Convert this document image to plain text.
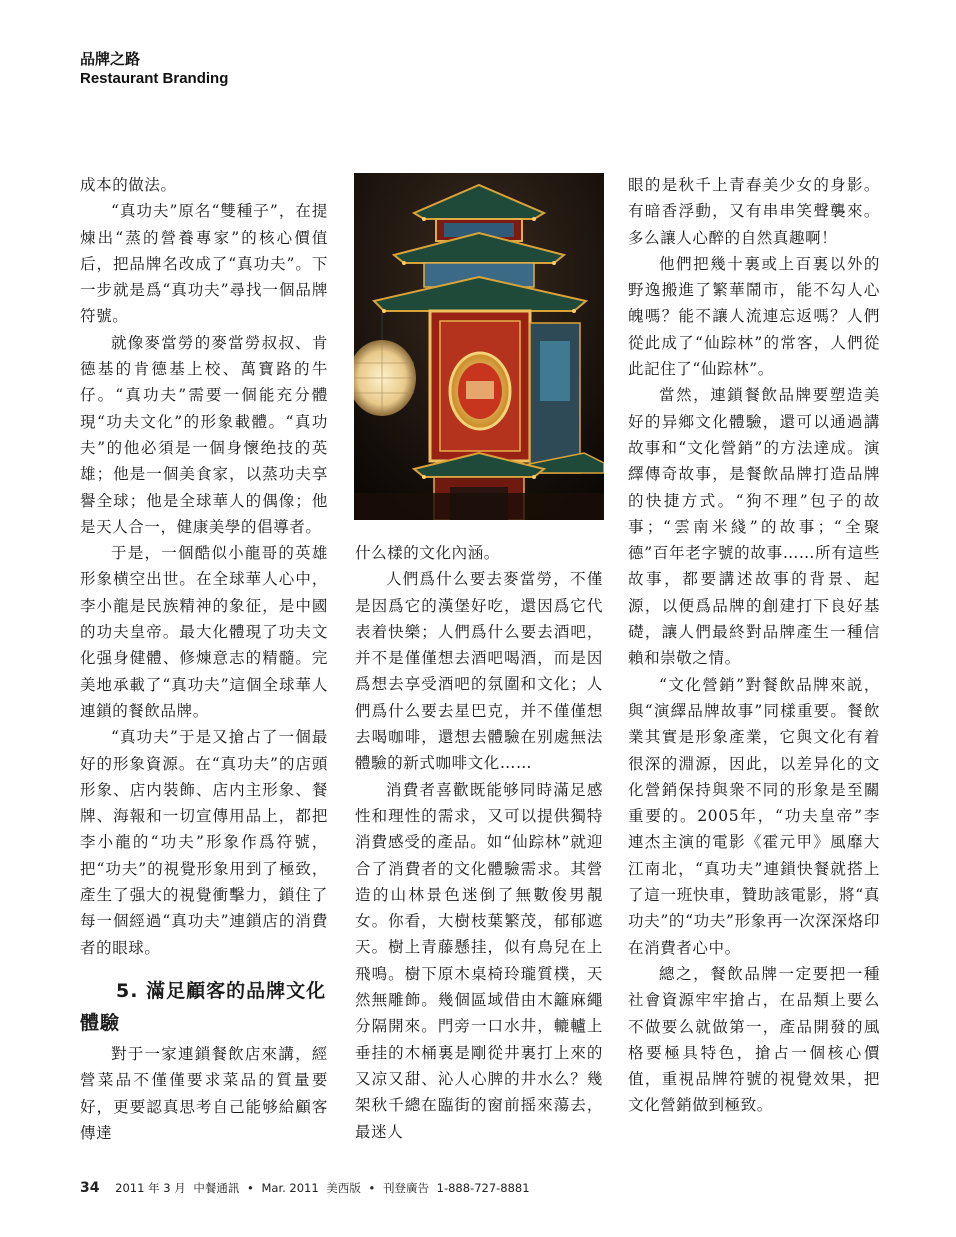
品牌之路
Restaurant Branding

成本的做法。

“真功夫”原名“雙種子”，在提煉出“蒸的營養專家”的核心價值后，把品牌名改成了“真功夫”。下一步就是爲“真功夫”尋找一個品牌符號。

就像麥當勞的麥當勞叔叔、肯德基的肯德基上校、萬寶路的牛仔。“真功夫”需要一個能充分體現“功夫文化”的形象載體。“真功夫”的他必須是一個身懷绝技的英雄；他是一個美食家，以蒸功夫享譽全球；他是全球華人的偶像；他是天人合一，健康美學的倡導者。

于是，一個酷似小龍哥的英雄形象横空出世。在全球華人心中，李小龍是民族精神的象征，是中國的功夫皇帝。最大化體現了功夫文化强身健體、修煉意志的精髓。完美地承載了“真功夫”這個全球華人連鎖的餐飲品牌。

“真功夫”于是又搶占了一個最好的形象資源。在“真功夫”的店頭形象、店内裝飾、店内主形象、餐牌、海報和一切宣傳用品上，都把李小龍的“功夫”形象作爲符號，把“功夫”的視覺形象用到了極致，產生了强大的視覺衝擊力，鎖住了每一個經過“真功夫”連鎖店的消費者的眼球。

5. 滿足顧客的品牌文化體驗

對于一家連鎖餐飲店來講，經營菜品不僅僅要求菜品的質量要好，更要認真思考自己能够給顧客傳達

什么樣的文化內涵。

人們爲什么要去麥當勞，不僅是因爲它的漢堡好吃，還因爲它代表着快樂；人們爲什么要去酒吧，并不是僅僅想去酒吧喝酒，而是因爲想去享受酒吧的氛圍和文化；人們爲什么要去星巴克，并不僅僅想去喝咖啡，還想去體驗在别處無法體驗的新式咖啡文化……

消費者喜歡既能够同時滿足感性和理性的需求，又可以提供獨特消費感受的產品。如“仙踪林”就迎合了消費者的文化體驗需求。其營造的山林景色迷倒了無數俊男靚女。你看，大樹枝葉繁茂，郁郁遮天。樹上青藤懸挂，似有鳥兒在上飛鳴。樹下原木桌椅玲瓏質樸，天然無雕飾。幾個區域借由木籬麻繩分隔開來。門旁一口水井，轆轤上垂挂的木桶裏是剛從井裏打上來的又凉又甜、沁人心脾的井水么？幾架秋千總在臨街的窗前摇來蕩去，最迷人

眼的是秋千上青春美少女的身影。有暗香浮動，又有串串笑聲襲來。多么讓人心醉的自然真趣啊！

他們把幾十裏或上百裏以外的野逸搬進了繁華鬧市，能不勾人心魄嗎？能不讓人流連忘返嗎？人們從此成了“仙踪林”的常客，人們從此記住了“仙踪林”。

當然，連鎖餐飲品牌要塑造美好的异鄉文化體驗，還可以通過講故事和“文化營銷”的方法達成。演繹傳奇故事，是餐飲品牌打造品牌的快捷方式。“狗不理”包子的故事；“雲南米綫”的故事；“全聚德”百年老字號的故事……所有這些故事，都要講述故事的背景、起源，以便爲品牌的創建打下良好基礎，讓人們最終對品牌產生一種信賴和崇敬之情。

“文化營銷”對餐飲品牌來説，與“演繹品牌故事”同樣重要。餐飲業其實是形象產業，它與文化有着很深的淵源，因此，以差异化的文化營銷保持與衆不同的形象是至關重要的。2005年，“功夫皇帝”李連杰主演的電影《霍元甲》風靡大江南北，“真功夫”連鎖快餐就搭上了這一班快車，贊助該電影，將“真功夫”的“功夫”形象再一次深深烙印在消費者心中。

總之，餐飲品牌一定要把一種社會資源牢牢搶占，在品類上要么不做要么就做第一，產品開發的風格要極具特色，搶占一個核心價值，重視品牌符號的視覺效果，把文化營銷做到極致。

34 2011 年 3 月 中餐通訊 • Mar. 2011 美西版 • 刊登廣告 1-888-727-8881
